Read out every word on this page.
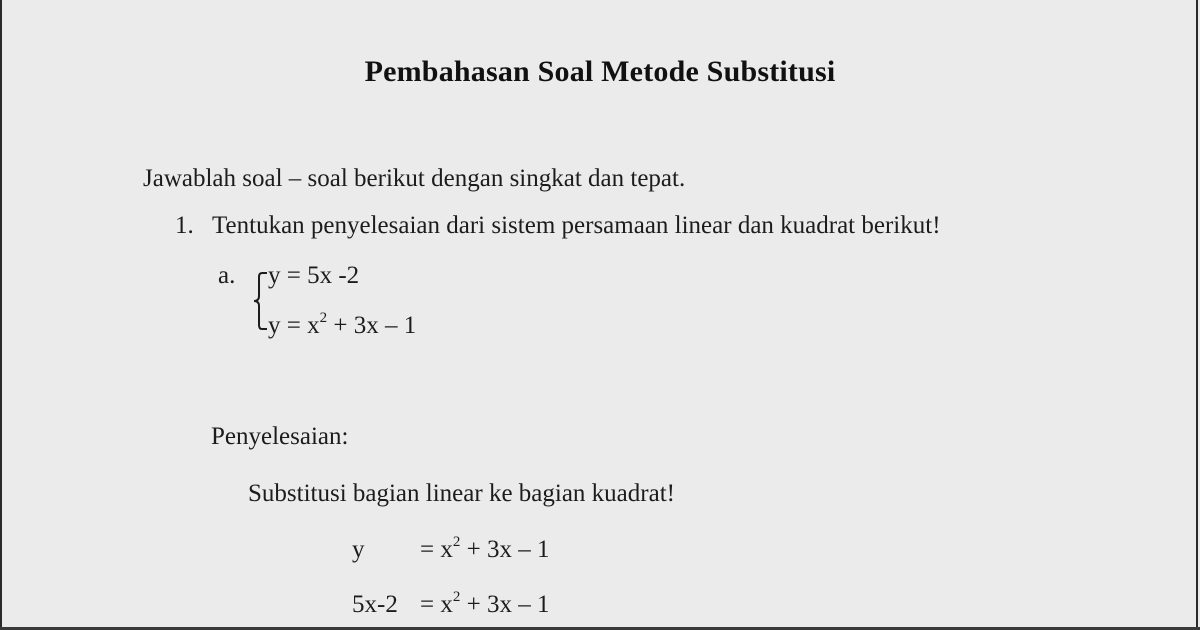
Pembahasan Soal Metode Substitusi
Jawablah soal – soal berikut dengan singkat dan tepat.
1. Tentukan penyelesaian dari sistem persamaan linear dan kuadrat berikut!
a. y = 5x -2
$y = x^2 + 3x - 1$
Penyelesaian:
Substitusi bagian linear ke bagian kuadrat!
$y = x^2 + 3x - 1$
$5x-2 = x^2 + 3x - 1$
